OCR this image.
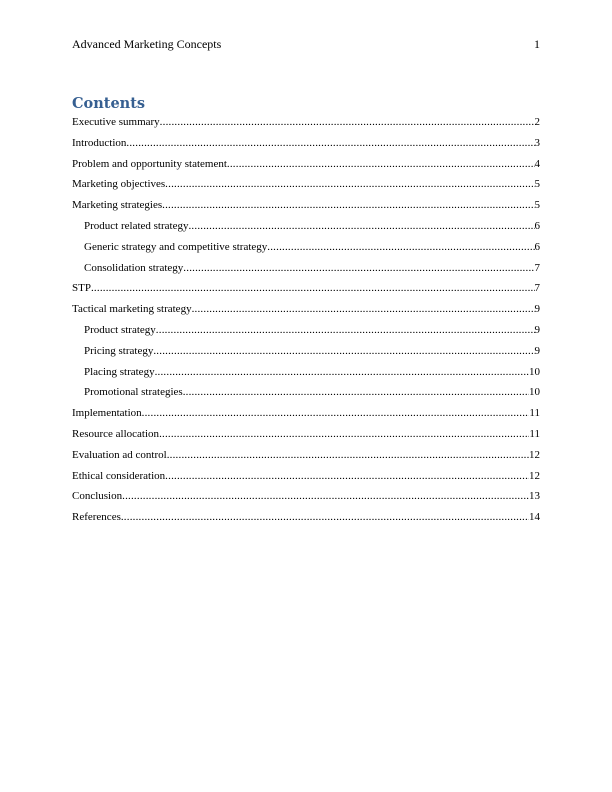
Advanced Marketing Concepts	1
Contents
Executive summary .....	2
Introduction .....	3
Problem and opportunity statement .....	4
Marketing objectives .....	5
Marketing strategies .....	5
Product related strategy .....	6
Generic strategy and competitive strategy .....	6
Consolidation strategy .....	7
STP .....	7
Tactical marketing strategy .....	9
Product strategy .....	9
Pricing strategy .....	9
Placing strategy .....	10
Promotional strategies .....	10
Implementation .....	11
Resource allocation .....	11
Evaluation ad control .....	12
Ethical consideration .....	12
Conclusion .....	13
References .....	14
